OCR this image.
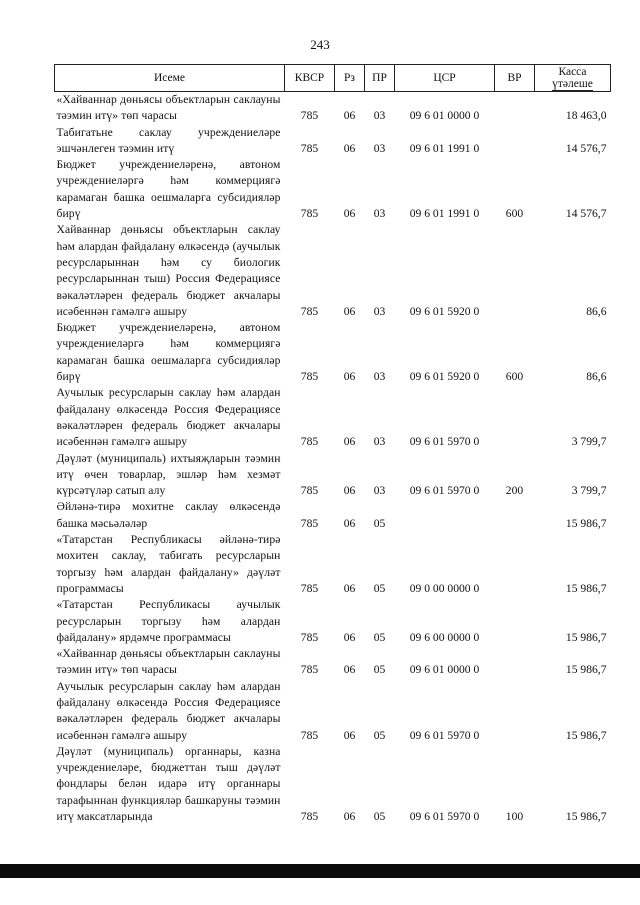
243
Исеме	КВСР	Рз	ПР	ЦСР	ВР	Касса
үтәлеше
«Хайваннар дөньясы объектларын саклауны тәэмин итү» төп чарасы	785	06	03	09 6 01 0000 0		18 463,0
Табигатьне саклау учреждениеләре эшчәнлеген тәэмин итү	785	06	03	09 6 01 1991 0		14 576,7
Бюджет учреждениеләренә, автоном учреждениеләргә һәм коммерциягә карамаган башка оешмаларга субсидияләр бирү	785	06	03	09 6 01 1991 0	600	14 576,7
Хайваннар дөньясы объектларын саклау һәм алардан файдалану өлкәсендә (аучылык ресурсларыннан һәм су биологик ресурсларыннан тыш) Россия Федерациясе вәкаләтләрен федераль бюджет акчалары исәбеннән гамәлгә ашыру	785	06	03	09 6 01 5920 0		86,6
Бюджет учреждениеләренә, автоном учреждениеләргә һәм коммерциягә карамаган башка оешмаларга субсидияләр бирү	785	06	03	09 6 01 5920 0	600	86,6
Аучылык ресурсларын саклау һәм алардан файдалану өлкәсендә Россия Федерациясе вәкаләтләрен федераль бюджет акчалары исәбеннән гамәлгә ашыру	785	06	03	09 6 01 5970 0		3 799,7
Дәүләт (муниципаль) ихтыяҗларын тәэмин итү өчен товарлар, эшләр һәм хезмәт күрсәтүләр сатып алу	785	06	03	09 6 01 5970 0	200	3 799,7
Әйләнә-тирә мохитне саклау өлкәсендә башка мәсьәләләр	785	06	05			15 986,7
«Татарстан Республикасы әйләнә-тирә мохитен саклау, табигать ресурсларын торгызу һәм алардан файдалану» дәүләт программасы	785	06	05	09 0 00 0000 0		15 986,7
«Татарстан Республикасы аучылык ресурсларын торгызу һәм алардан файдалану» ярдәмче программасы	785	06	05	09 6 00 0000 0		15 986,7
«Хайваннар дөньясы объектларын саклауны тәэмин итү» төп чарасы	785	06	05	09 6 01 0000 0		15 986,7
Аучылык ресурсларын саклау һәм алардан файдалану өлкәсендә Россия Федерациясе вәкаләтләрен федераль бюджет акчалары исәбеннән гамәлгә ашыру	785	06	05	09 6 01 5970 0		15 986,7
Дәүләт (муниципаль) органнары, казна учреждениеләре, бюджеттан тыш дәүләт фондлары белән идарә итү органнары тарафыннан функцияләр башкаруны тәэмин итү максатларында	785	06	05	09 6 01 5970 0	100	15 986,7
